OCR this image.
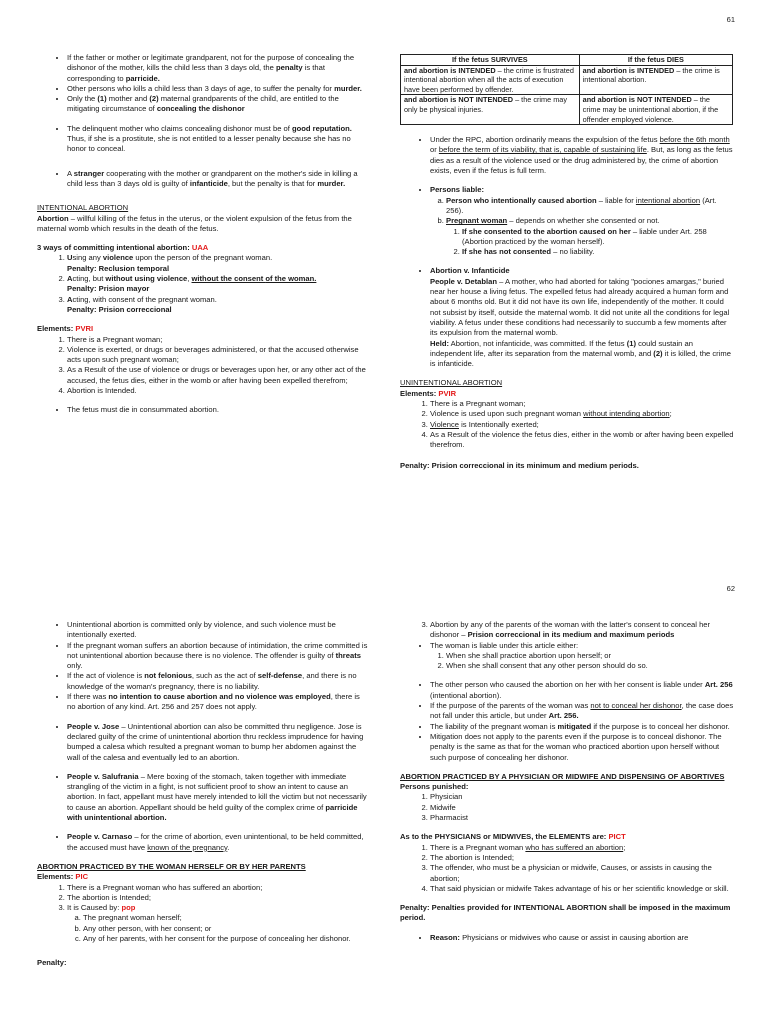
61
• If the father or mother or legitimate grandparent, not for the purpose of concealing the dishonor of the mother, kills the child less than 3 days old, the penalty is that corresponding to parricide.
• Other persons who kills a child less than 3 days of age, to suffer the penalty for murder.
• Only the (1) mother and (2) maternal grandparents of the child, are entitled to the mitigating circumstance of concealing the dishonor
• The delinquent mother who claims concealing dishonor must be of good reputation. Thus, if she is a prostitute, she is not entitled to a lesser penalty because she has no honor to conceal.
• A stranger cooperating with the mother or grandparent on the mother's side in killing a child less than 3 days old is guilty of infanticide, but the penalty is that for murder.

INTENTIONAL ABORTION

Abortion – willful killing of the fetus in the uterus, or the violent expulsion of the fetus from the maternal womb which results in the death of the fetus.

3 ways of committing intentional abortion: UAA

1. Using any violence upon the person of the pregnant woman.
Penalty: Reclusion temporal
2. Acting, but without using violence, without the consent of the woman.
Penalty: Prision mayor
3. Acting, with consent of the pregnant woman.
Penalty: Prision correccional

Elements: PVRI

1. There is a Pregnant woman;
2. Violence is exerted, or drugs or beverages administered, or that the accused otherwise acts upon such pregnant woman;
3. As a Result of the use of violence or drugs or beverages upon her, or any other act of the accused, the fetus dies, either in the womb or after having been expelled therefrom;
4. Abortion is Intended.
• The fetus must die in consummated abortion.
If the fetus SURVIVES	If the fetus DIES
and abortion is INTENDED – the crime is frustrated intentional abortion when all the acts of execution have been performed by offender.	and abortion is INTENDED – the crime is intentional abortion.
and abortion is NOT INTENDED – the crime may only be physical injuries.	and abortion is NOT INTENDED – the crime may be unintentional abortion, if the offender employed violence.
• Under the RPC, abortion ordinarily means the expulsion of the fetus before the 6th month or before the term of its viability, that is, capable of sustaining life. But, as long as the fetus dies as a result of the violence used or the drug administered by, the crime of abortion exists, even if the fetus is full term.
• Persons liable:
a. Person who intentionally caused abortion – liable for intentional abortion (Art. 256).
b. Pregnant woman – depends on whether she consented or not.
1. If she consented to the abortion caused on her – liable under Art. 258 (Abortion practiced by the woman herself).
2. If she has not consented – no liability.
• Abortion v. Infanticide
People v. Detablan – A mother, who had aborted for taking "pociones amargas," buried near her house a living fetus. The expelled fetus had already acquired a human form and about 6 months old. But it did not have its own life, independently of the mother. It could not subsist by itself, outside the maternal womb. It did not unite all the conditions for legal viability. A fetus under these conditions had necessarily to succumb a few moments after its expulsion from the maternal womb.
Held: Abortion, not infanticide, was committed. If the fetus (1) could sustain an independent life, after its separation from the maternal womb, and (2) it is killed, the crime is infanticide.

UNINTENTIONAL ABORTION

Elements: PVIR

1. There is a Pregnant woman;
2. Violence is used upon such pregnant woman without intending abortion;
3. Violence is Intentionally exerted;
4. As a Result of the violence the fetus dies, either in the womb or after having been expelled therefrom.

Penalty: Prision correccional in its minimum and medium periods.

62
• Unintentional abortion is committed only by violence, and such violence must be intentionally exerted.
• If the pregnant woman suffers an abortion because of intimidation, the crime committed is not unintentional abortion because there is no violence. The offender is guilty of threats only.
• If the act of violence is not felonious, such as the act of self-defense, and there is no knowledge of the woman's pregnancy, there is no liability.
• If there was no intention to cause abortion and no violence was employed, there is no abortion of any kind. Art. 256 and 257 does not apply.
• People v. Jose – Unintentional abortion can also be committed thru negligence. Jose is declared guilty of the crime of unintentional abortion thru reckless imprudence for having bumped a calesa which resulted a pregnant woman to bump her abdomen against the wall of the calesa and eventually led to an abortion.
• People v. Salufrania – Mere boxing of the stomach, taken together with immediate strangling of the victim in a fight, is not sufficient proof to show an intent to cause an abortion. In fact, appellant must have merely intended to kill the victim but not necessarily to cause an abortion. Appellant should be held guilty of the complex crime of parricide with unintentional abortion.
• People v. Carnaso – for the crime of abortion, even unintentional, to be held committed, the accused must have known of the pregnancy.

ABORTION PRACTICED BY THE WOMAN HERSELF OR BY HER PARENTS

Elements: PIC

1. There is a Pregnant woman who has suffered an abortion;
2. The abortion is Intended;
3. It is Caused by: pop
a. The pregnant woman herself;
b. Any other person, with her consent; or
c. Any of her parents, with her consent for the purpose of concealing her dishonor.

Penalty:

3. Abortion by any of the parents of the woman with the latter's consent to conceal her dishonor – Prision correccional in its medium and maximum periods
• The woman is liable under this article either:
1. When she shall practice abortion upon herself; or
2. When she shall consent that any other person should do so.
• The other person who caused the abortion on her with her consent is liable under Art. 256 (intentional abortion).
• If the purpose of the parents of the woman was not to conceal her dishonor, the case does not fall under this article, but under Art. 256.
• The liability of the pregnant woman is mitigated if the purpose is to conceal her dishonor.
• Mitigation does not apply to the parents even if the purpose is to conceal dishonor. The penalty is the same as that for the woman who practiced abortion upon herself without such purpose of concealing her dishonor.

ABORTION PRACTICED BY A PHYSICIAN OR MIDWIFE AND DISPENSING OF ABORTIVES

Persons punished:

1. Physician
2. Midwife
3. Pharmacist

As to the PHYSICIANS or MIDWIVES, the ELEMENTS are: PICT

1. There is a Pregnant woman who has suffered an abortion;
2. The abortion is Intended;
3. The offender, who must be a physician or midwife, Causes, or assists in causing the abortion;
4. That said physician or midwife Takes advantage of his or her scientific knowledge or skill.

Penalty: Penalties provided for INTENTIONAL ABORTION shall be imposed in the maximum period.

• Reason: Physicians or midwives who cause or assist in causing abortion are
